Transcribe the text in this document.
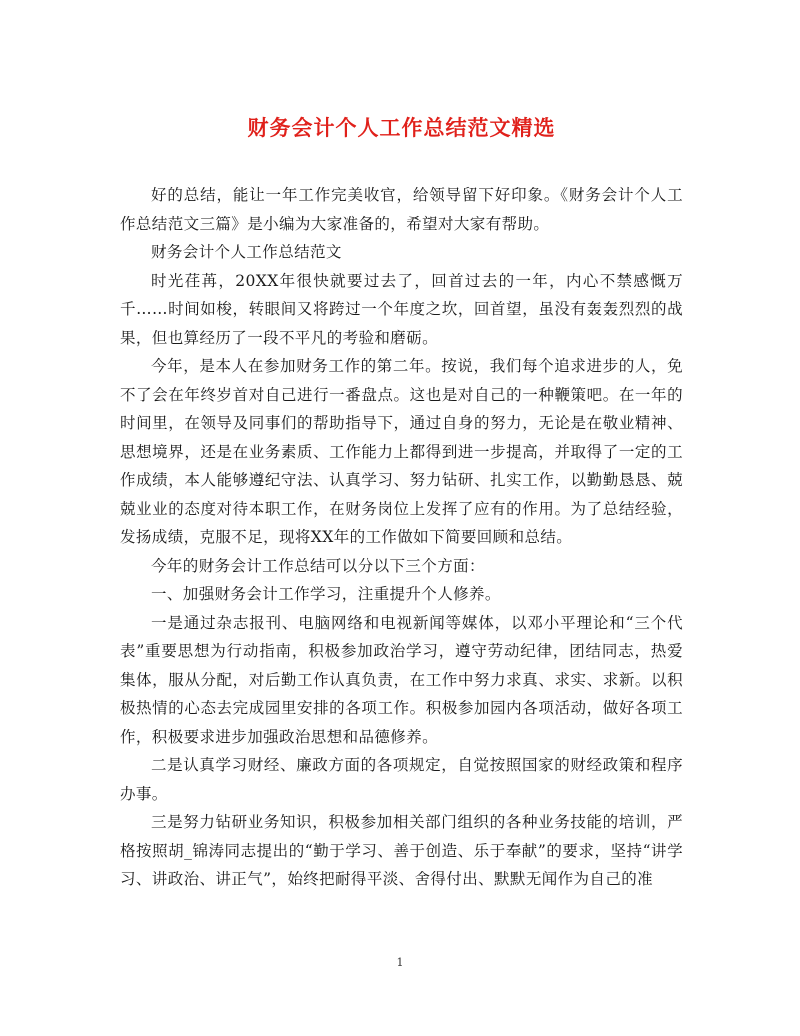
财务会计个人工作总结范文精选

好的总结，能让一年工作完美收官，给领导留下好印象。《财务会计个人工作总结范文三篇》是小编为大家准备的，希望对大家有帮助。

财务会计个人工作总结范文

时光荏苒，20XX年很快就要过去了，回首过去的一年，内心不禁感慨万千……时间如梭，转眼间又将跨过一个年度之坎，回首望，虽没有轰轰烈烈的战果，但也算经历了一段不平凡的考验和磨砺。

今年，是本人在参加财务工作的第二年。按说，我们每个追求进步的人，免不了会在年终岁首对自己进行一番盘点。这也是对自己的一种鞭策吧。在一年的时间里，在领导及同事们的帮助指导下，通过自身的努力，无论是在敬业精神、思想境界，还是在业务素质、工作能力上都得到进一步提高，并取得了一定的工作成绩，本人能够遵纪守法、认真学习、努力钻研、扎实工作，以勤勤恳恳、兢兢业业的态度对待本职工作，在财务岗位上发挥了应有的作用。为了总结经验，发扬成绩，克服不足，现将XX年的工作做如下简要回顾和总结。

今年的财务会计工作总结可以分以下三个方面：

一、加强财务会计工作学习，注重提升个人修养。

一是通过杂志报刊、电脑网络和电视新闻等媒体，以邓小平理论和“三个代表”重要思想为行动指南，积极参加政治学习，遵守劳动纪律，团结同志，热爱集体，服从分配，对后勤工作认真负责，在工作中努力求真、求实、求新。以积极热情的心态去完成园里安排的各项工作。积极参加园内各项活动，做好各项工作，积极要求进步加强政治思想和品德修养。

二是认真学习财经、廉政方面的各项规定，自觉按照国家的财经政策和程序办事。

三是努力钻研业务知识，积极参加相关部门组织的各种业务技能的培训，严格按照胡_锦涛同志提出的“勤于学习、善于创造、乐于奉献”的要求，坚持“讲学习、讲政治、讲正气”，始终把耐得平淡、舍得付出、默默无闻作为自己的准

1
